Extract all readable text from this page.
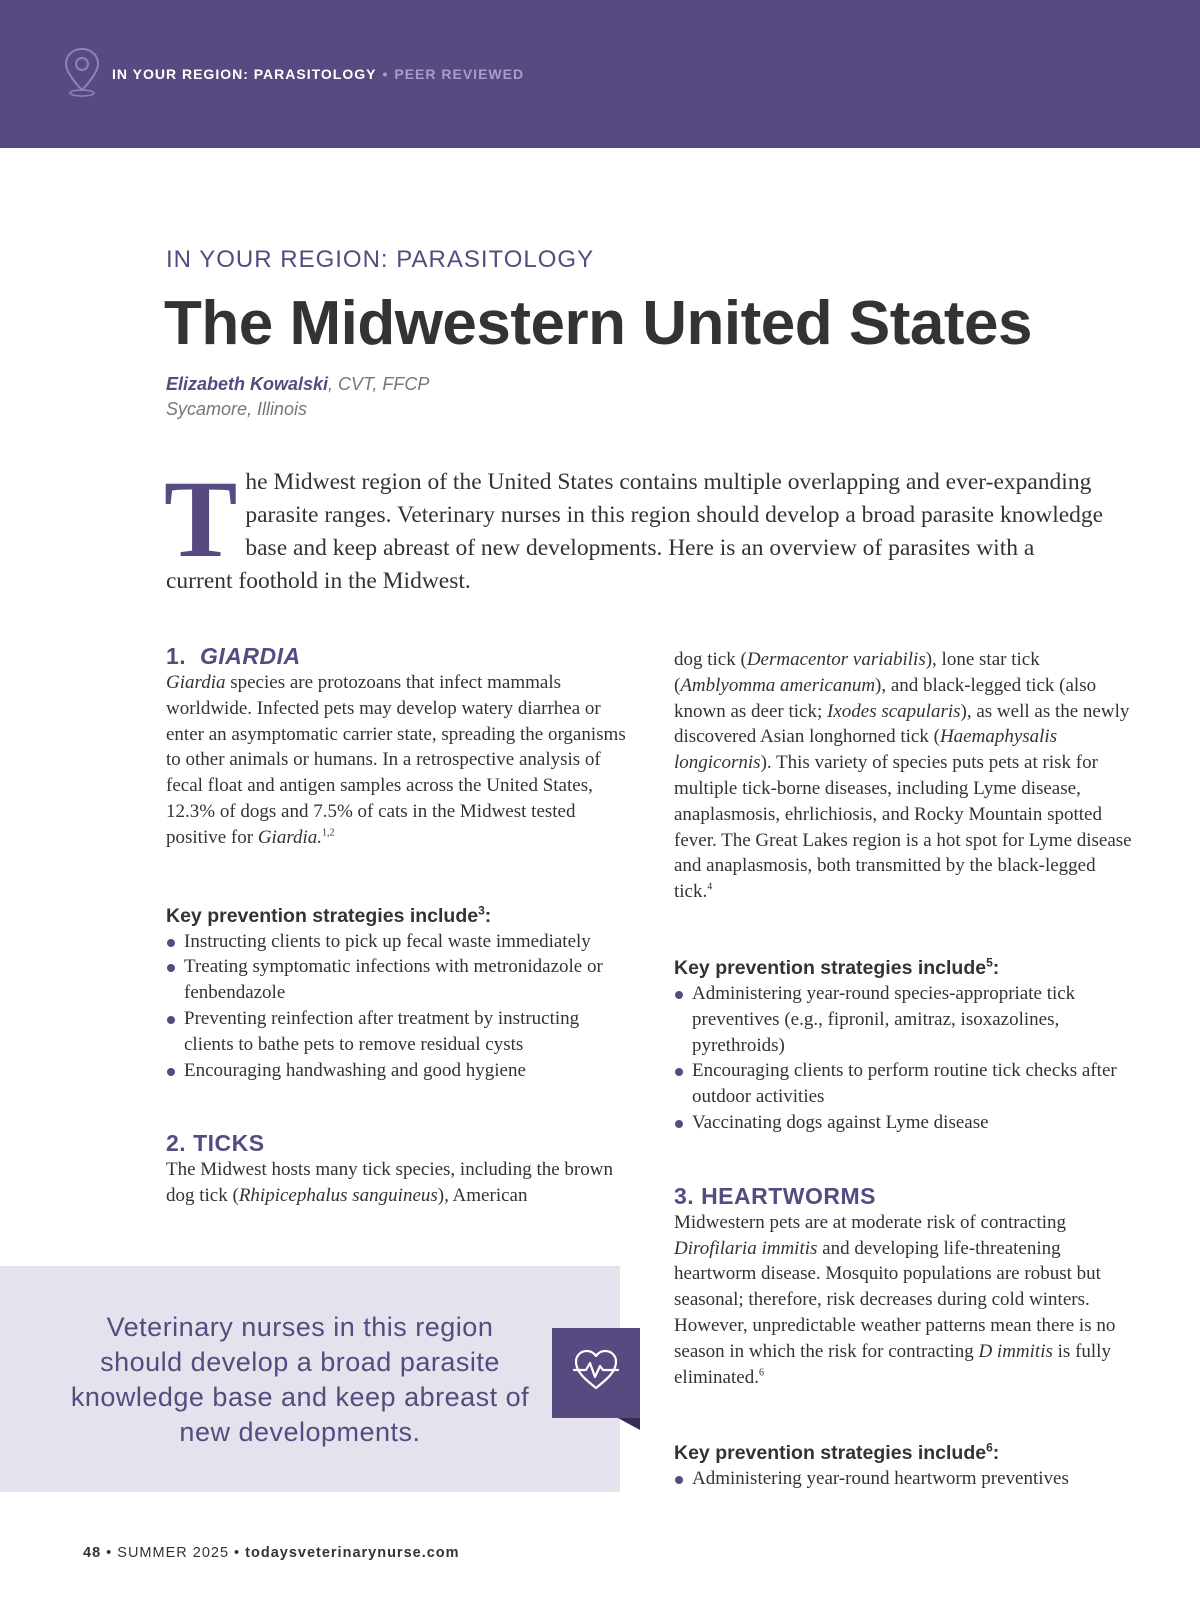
IN YOUR REGION: PARASITOLOGY • PEER REVIEWED
IN YOUR REGION: PARASITOLOGY
The Midwestern United States
Elizabeth Kowalski, CVT, FFCP
Sycamore, Illinois
The Midwest region of the United States contains multiple overlapping and ever-expanding parasite ranges. Veterinary nurses in this region should develop a broad parasite knowledge base and keep abreast of new developments. Here is an overview of parasites with a current foothold in the Midwest.
1. GIARDIA

Giardia species are protozoans that infect mammals worldwide. Infected pets may develop watery diarrhea or enter an asymptomatic carrier state, spreading the organisms to other animals or humans. In a retrospective analysis of fecal float and antigen samples across the United States, 12.3% of dogs and 7.5% of cats in the Midwest tested positive for Giardia.$^{1,2}$

Key prevention strategies include$^3$:
Instructing clients to pick up fecal waste immediately
Treating symptomatic infections with metronidazole or fenbendazole
Preventing reinfection after treatment by instructing clients to bathe pets to remove residual cysts
Encouraging handwashing and good hygiene
2. TICKS

The Midwest hosts many tick species, including the brown dog tick (Rhipicephalus sanguineus), American

dog tick (Dermacentor variabilis), lone star tick (Amblyomma americanum), and black-legged tick (also known as deer tick; Ixodes scapularis), as well as the newly discovered Asian longhorned tick (Haemaphysalis longicornis). This variety of species puts pets at risk for multiple tick-borne diseases, including Lyme disease, anaplasmosis, ehrlichiosis, and Rocky Mountain spotted fever. The Great Lakes region is a hot spot for Lyme disease and anaplasmosis, both transmitted by the black-legged tick.$^4$

Key prevention strategies include$^5$:
Administering year-round species-appropriate tick preventives (e.g., fipronil, amitraz, isoxazolines, pyrethroids)
Encouraging clients to perform routine tick checks after outdoor activities
Vaccinating dogs against Lyme disease
3. HEARTWORMS

Midwestern pets are at moderate risk of contracting Dirofilaria immitis and developing life-threatening heartworm disease. Mosquito populations are robust but seasonal; therefore, risk decreases during cold winters. However, unpredictable weather patterns mean there is no season in which the risk for contracting D immitis is fully eliminated.$^6$

Key prevention strategies include$^6$:
Administering year-round heartworm preventives
Veterinary nurses in this region should develop a broad parasite knowledge base and keep abreast of new developments.
48 • SUMMER 2025 • todaysveterinarynurse.com
